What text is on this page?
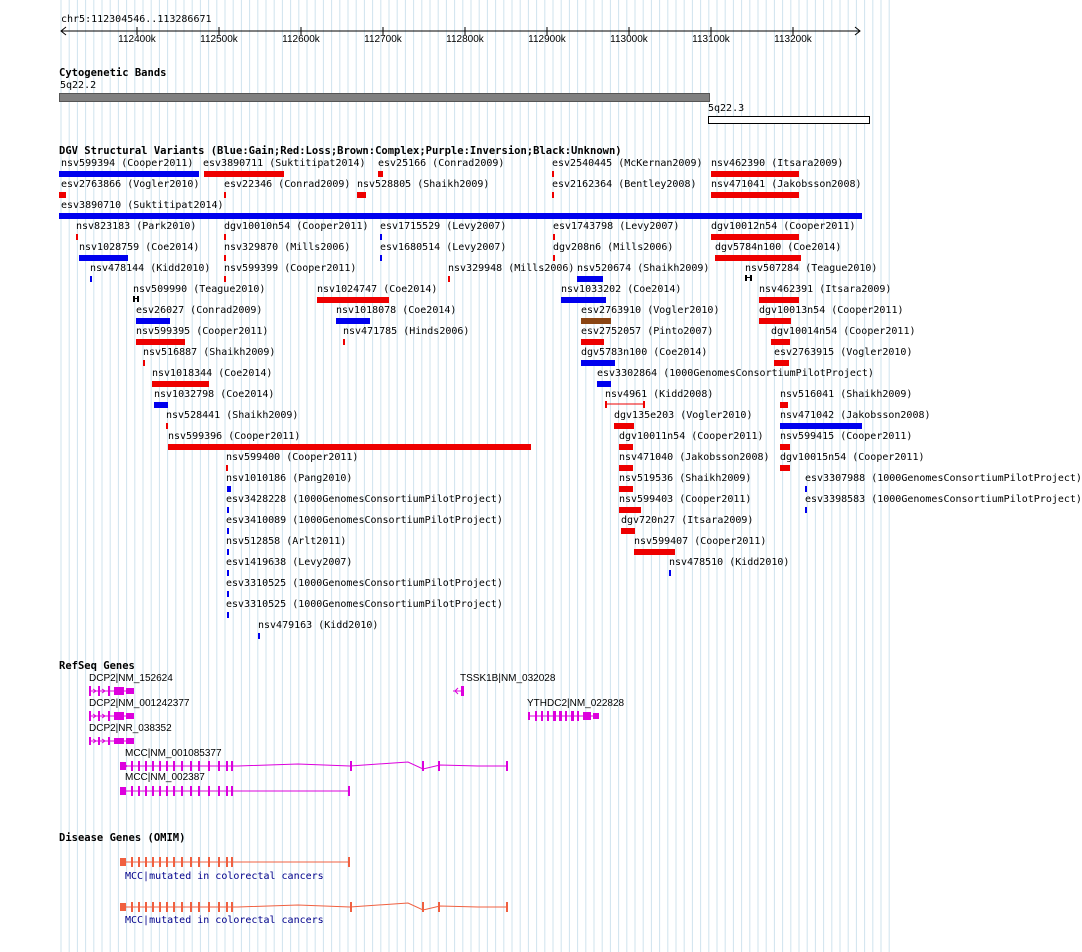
chr5:112304546..113286671
112400k	112500k	112600k	112700k	112800k	112900k	113000k	113100k	113200k
Cytogenetic Bands
5q22.2
5q22.3
DGV Structural Variants (Blue:Gain;Red:Loss;Brown:Complex;Purple:Inversion;Black:Unknown)
nsv599394 (Cooper2011) esv3890711 (Suktitipat2014) esv25166 (Conrad2009)	esv2540445 (McKernan2009) nsv462390 (Itsara2009)
esv2763866 (Vogler2010) esv22346 (Conrad2009) nsv528805 (Shaikh2009)	esv2162364 (Bentley2008) nsv471041 (Jakobsson2008)
esv3890710 (Suktitipat2014)
nsv823183 (Park2010)	dgv10010n54 (Cooper2011) esv1715529 (Levy2007)	esv1743798 (Levy2007)	dgv10012n54 (Cooper2011)
nsv1028759 (Coe2014) nsv329870 (Mills2006)	esv1680514 (Levy2007)	dgv208n6 (Mills2006)	dgv5784n100 (Coe2014)
nsv478144 (Kidd2010) nsv599399 (Cooper2011)	nsv329948 (Mills2006) nsv520674 (Shaikh2009)	nsv507284 (Teague2010)
nsv509990 (Teague2010)	nsv1024747 (Coe2014)	nsv1033202 (Coe2014)
esv26027 (Conrad2009)	nsv1018078 (Coe2014)	esv2763910 (Vogler2010)
nsv462391 (Itsara2009)
nsv599395 (Cooper2011)	nsv471785 (Hinds2006)	esv2752057 (Pinto2007)
dgv10013n54 (Cooper2011)
nsv516887 (Shaikh2009)	dgv5783n100 (Coe2014)
dgv10014n54 (Cooper2011)
nsv1018344 (Coe2014)	esv3302864 (1000GenomesConsortiumPilotProject)
esv2763915 (Vogler2010)
nsv1032798 (Coe2014)	nsv4961 (Kidd2008)	nsv516041 (Shaikh2009)
nsv528441 (Shaikh2009)	dgv135e203 (Vogler2010)	nsv471042 (Jakobsson2008)
nsv599396 (Cooper2011)	dgv10011n54 (Cooper2011) nsv599415 (Cooper2011)
nsv599400 (Cooper2011)	nsv471040 (Jakobsson2008) dgv10015n54 (Cooper2011)
nsv1010186 (Pang2010)	nsv519536 (Shaikh2009)	esv3307988 (1000GenomesConsortiumPilotProject)
esv3428228 (1000GenomesConsortiumPilotProject)	nsv599403 (Cooper2011)	esv3398583 (1000GenomesConsortiumPilotProject)
esv3410089 (1000GenomesConsortiumPilotProject)	dgv720n27 (Itsara2009)
nsv512858 (Arlt2011)	nsv599407 (Cooper2011)
esv1419638 (Levy2007)	nsv478510 (Kidd2010)
esv3310525 (1000GenomesConsortiumPilotProject)
esv3310525 (1000GenomesConsortiumPilotProject)
nsv479163 (Kidd2010)
RefSeq Genes
DCP2|NM_152624
DCP2|NM_001242377
DCP2|NR_038352
MCC|NM_001085377
MCC|NM_002387
TSSK1B|NM_032028
YTHDC2|NM_022828
Disease Genes (OMIM)
MCC|mutated in colorectal cancers
MCC|mutated in colorectal cancers
